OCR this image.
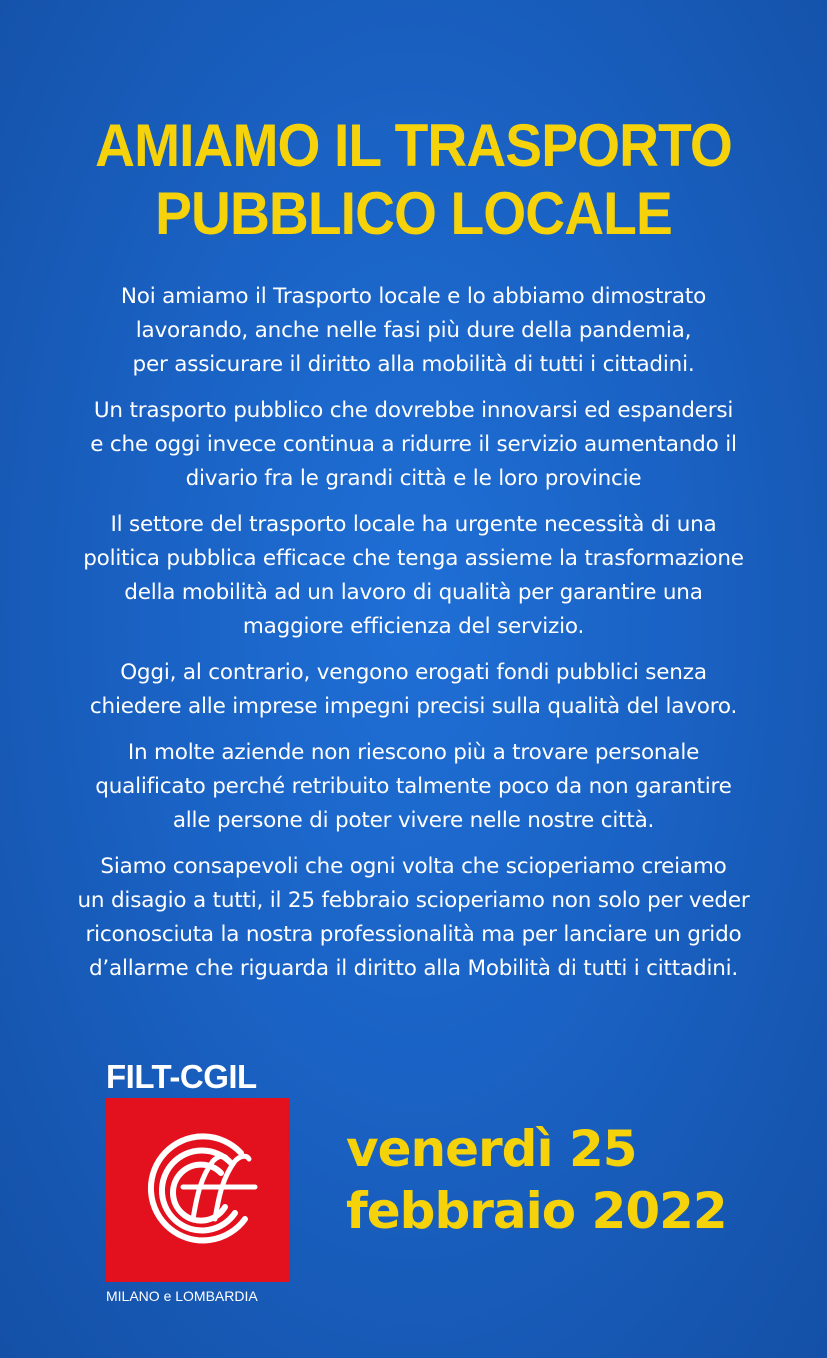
AMIAMO IL TRASPORTO
PUBBLICO LOCALE
Noi amiamo il Trasporto locale e lo abbiamo dimostrato
lavorando, anche nelle fasi più dure della pandemia,
per assicurare il diritto alla mobilità di tutti i cittadini.
Un trasporto pubblico che dovrebbe innovarsi ed espandersi
e che oggi invece continua a ridurre il servizio aumentando il
divario fra le grandi città e le loro provincie
Il settore del trasporto locale ha urgente necessità di una
politica pubblica efficace che tenga assieme la trasformazione
della mobilità ad un lavoro di qualità per garantire una
maggiore efficienza del servizio.
Oggi, al contrario, vengono erogati fondi pubblici senza
chiedere alle imprese impegni precisi sulla qualità del lavoro.
In molte aziende non riescono più a trovare personale
qualificato perché retribuito talmente poco da non garantire
alle persone di poter vivere nelle nostre città.
Siamo consapevoli che ogni volta che scioperiamo creiamo
un disagio a tutti, il 25 febbraio scioperiamo non solo per veder
riconosciuta la nostra professionalità ma per lanciare un grido
d’allarme che riguarda il diritto alla Mobilità di tutti i cittadini.
FILT-CGIL
MILANO e LOMBARDIA
venerdì 25
febbraio 2022
